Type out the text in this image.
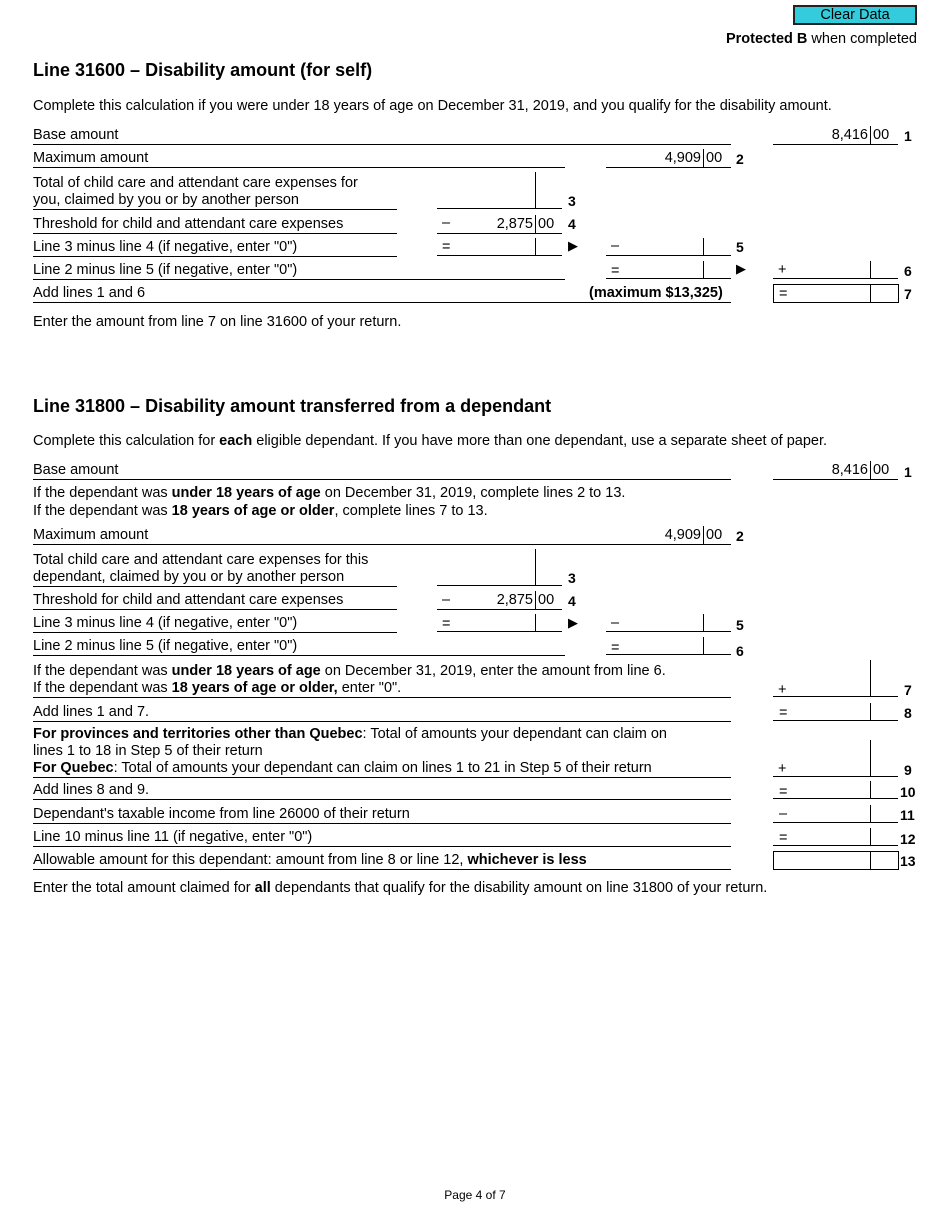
Clear Data
Protected B when completed
Line 31600 – Disability amount (for self)
Complete this calculation if you were under 18 years of age on December 31, 2019, and you qualify for the disability amount.
Base amount	8,416 00 1
Maximum amount	4,909 00 2
Total of child care and attendant care expenses for
you, claimed by you or by another person	3
Threshold for child and attendant care expenses	–	2,875 00 4
Line 3 minus line 4 (if negative, enter "0")	=	▶ –	5
Line 2 minus line 5 (if negative, enter "0")	=	▶ +	6
Add lines 1 and 6	(maximum $13,325)	=	7
Enter the amount from line 7 on line 31600 of your return.
Line 31800 – Disability amount transferred from a dependant
Complete this calculation for each eligible dependant. If you have more than one dependant, use a separate sheet of paper.
Base amount	8,416 00 1
If the dependant was under 18 years of age on December 31, 2019, complete lines 2 to 13.
If the dependant was 18 years of age or older, complete lines 7 to 13.
Maximum amount	4,909 00 2
Total child care and attendant care expenses for this
dependant, claimed by you or by another person	3
Threshold for child and attendant care expenses	–	2,875 00 4
Line 3 minus line 4 (if negative, enter "0")	=	▶ –	5
Line 2 minus line 5 (if negative, enter "0")	=	6
If the dependant was under 18 years of age on December 31, 2019, enter the amount from line 6.
If the dependant was 18 years of age or older, enter "0".	+	7
Add lines 1 and 7.	=	8
For provinces and territories other than Quebec: Total of amounts your dependant can claim on
lines 1 to 18 in Step 5 of their return
For Quebec: Total of amounts your dependant can claim on lines 1 to 21 in Step 5 of their return	+	9
Add lines 8 and 9.	=	10
Dependant's taxable income from line 26000 of their return	–	11
Line 10 minus line 11 (if negative, enter "0")	=	12
Allowable amount for this dependant: amount from line 8 or line 12, whichever is less	13
Enter the total amount claimed for all dependants that qualify for the disability amount on line 31800 of your return.
Page 4 of 7
